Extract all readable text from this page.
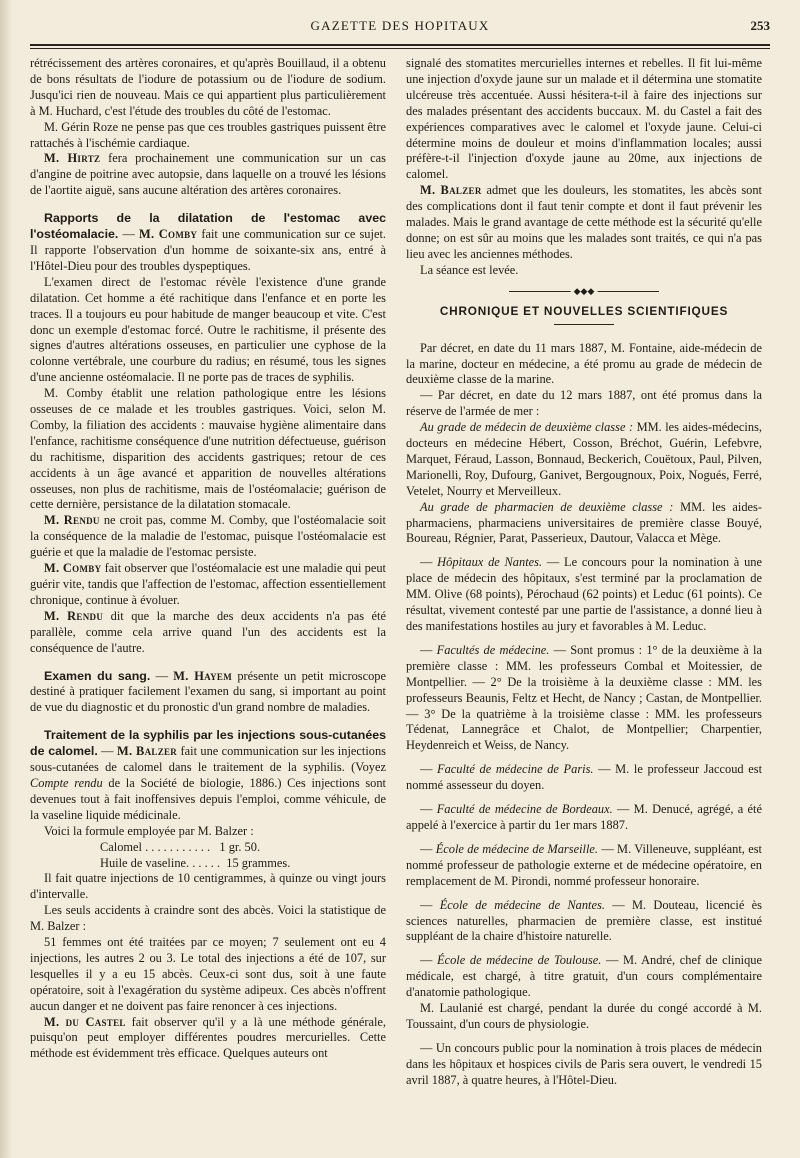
GAZETTE DES HOPITAUX	253

rétrécissement des artères coronaires, et qu'après Bouillaud, il a obtenu de bons résultats de l'iodure de potassium ou de l'iodure de sodium. Jusqu'ici rien de nouveau. Mais ce qui appartient plus particulièrement à M. Huchard, c'est l'étude des troubles du côté de l'estomac.

M. Gérin Roze ne pense pas que ces troubles gastriques puissent être rattachés à l'ischémie cardiaque.

M. Hirtz fera prochainement une communication sur un cas d'angine de poitrine avec autopsie, dans laquelle on a trouvé les lésions de l'aortite aiguë, sans aucune altération des artères coronaires.

Rapports de la dilatation de l'estomac avec l'ostéomalacie. — M. Comby fait une communication sur ce sujet. Il rapporte l'observation d'un homme de soixante-six ans, entré à l'Hôtel-Dieu pour des troubles dyspeptiques.

L'examen direct de l'estomac révèle l'existence d'une grande dilatation. Cet homme a été rachitique dans l'enfance et en porte les traces. Il a toujours eu pour habitude de manger beaucoup et vite. C'est donc un exemple d'estomac forcé. Outre le rachitisme, il présente des signes d'autres altérations osseuses, en particulier une cyphose de la colonne vertébrale, une courbure du radius; en résumé, tous les signes d'une ancienne ostéomalacie. Il ne porte pas de traces de syphilis.

M. Comby établit une relation pathologique entre les lésions osseuses de ce malade et les troubles gastriques. Voici, selon M. Comby, la filiation des accidents : mauvaise hygiène alimentaire dans l'enfance, rachitisme conséquence d'une nutrition défectueuse, guérison du rachitisme, disparition des accidents gastriques; retour de ces accidents à un âge avancé et apparition de nouvelles altérations osseuses, non plus de rachitisme, mais de l'ostéomalacie; guérison de cette dernière, persistance de la dilatation stomacale.

M. Rendu ne croit pas, comme M. Comby, que l'ostéomalacie soit la conséquence de la maladie de l'estomac, puisque l'ostéomalacie est guérie et que la maladie de l'estomac persiste.

M. Comby fait observer que l'ostéomalacie est une maladie qui peut guérir vite, tandis que l'affection de l'estomac, affection essentiellement chronique, continue à évoluer.

M. Rendu dit que la marche des deux accidents n'a pas été parallèle, comme cela arrive quand l'un des accidents est la conséquence de l'autre.

Examen du sang. — M. Hayem présente un petit microscope destiné à pratiquer facilement l'examen du sang, si important au point de vue du diagnostic et du pronostic d'un grand nombre de maladies.

Traitement de la syphilis par les injections sous-cutanées de calomel. — M. Balzer fait une communication sur les injections sous-cutanées de calomel dans le traitement de la syphilis. (Voyez Compte rendu de la Société de biologie, 1886.) Ces injections sont devenues tout à fait inoffensives depuis l'emploi, comme véhicule, de la vaseline liquide médicinale.

Voici la formule employée par M. Balzer :

Calomel . . . . . . . . . . .   1 gr. 50.
Huile de vaseline. . . . . .  15 grammes.

Il fait quatre injections de 10 centigrammes, à quinze ou vingt jours d'intervalle.

Les seuls accidents à craindre sont des abcès. Voici la statistique de M. Balzer :

51 femmes ont été traitées par ce moyen; 7 seulement ont eu 4 injections, les autres 2 ou 3. Le total des injections a été de 107, sur lesquelles il y a eu 15 abcès. Ceux-ci sont dus, soit à une faute opératoire, soit à l'exagération du système adipeux. Ces abcès n'offrent aucun danger et ne doivent pas faire renoncer à ces injections.

M. du Castel fait observer qu'il y a là une méthode générale, puisqu'on peut employer différentes poudres mercurielles. Cette méthode est évidemment très efficace. Quelques auteurs ont

signalé des stomatites mercurielles internes et rebelles. Il fit lui-même une injection d'oxyde jaune sur un malade et il détermina une stomatite ulcéreuse très accentuée. Aussi hésitera-t-il à faire des injections sur des malades présentant des accidents buccaux. M. du Castel a fait des expériences comparatives avec le calomel et l'oxyde jaune. Celui-ci détermine moins de douleur et moins d'inflammation locales; aussi préfère-t-il l'injection d'oxyde jaune au 20me, aux injections de calomel.

M. Balzer admet que les douleurs, les stomatites, les abcès sont des complications dont il faut tenir compte et dont il faut prévenir les malades. Mais le grand avantage de cette méthode est la sécurité qu'elle donne; on est sûr au moins que les malades sont traités, ce qui n'a pas lieu avec les anciennes méthodes.

La séance est levée.

◆◆◆
CHRONIQUE ET NOUVELLES SCIENTIFIQUES

Par décret, en date du 11 mars 1887, M. Fontaine, aide-médecin de la marine, docteur en médecine, a été promu au grade de médecin de deuxième classe de la marine.

— Par décret, en date du 12 mars 1887, ont été promus dans la réserve de l'armée de mer :

Au grade de médecin de deuxième classe : MM. les aides-médecins, docteurs en médecine Hébert, Cosson, Bréchot, Guérin, Lefebvre, Marquet, Féraud, Lasson, Bonnaud, Beckerich, Couëtoux, Paul, Pilven, Marionelli, Roy, Dufourg, Ganivet, Bergougnoux, Poix, Nogués, Ferré, Vetelet, Nourry et Merveilleux.

Au grade de pharmacien de deuxième classe : MM. les aides-pharmaciens, pharmaciens universitaires de première classe Bouyé, Boureau, Régnier, Parat, Passerieux, Dautour, Valacca et Mège.

— Hôpitaux de Nantes. — Le concours pour la nomination à une place de médecin des hôpitaux, s'est terminé par la proclamation de MM. Olive (68 points), Pérochaud (62 points) et Leduc (61 points). Ce résultat, vivement contesté par une partie de l'assistance, a donné lieu à des manifestations hostiles au jury et favorables à M. Leduc.

— Facultés de médecine. — Sont promus : 1° de la deuxième à la première classe : MM. les professeurs Combal et Moitessier, de Montpellier. — 2° De la troisième à la deuxième classe : MM. les professeurs Beaunis, Feltz et Hecht, de Nancy ; Castan, de Montpellier. — 3° De la quatrième à la troisième classe : MM. les professeurs Tédenat, Lannegrâce et Chalot, de Montpellier; Charpentier, Heydenreich et Weiss, de Nancy.

— Faculté de médecine de Paris. — M. le professeur Jaccoud est nommé assesseur du doyen.

— Faculté de médecine de Bordeaux. — M. Denucé, agrégé, a été appelé à l'exercice à partir du 1er mars 1887.

— École de médecine de Marseille. — M. Villeneuve, suppléant, est nommé professeur de pathologie externe et de médecine opératoire, en remplacement de M. Pirondi, nommé professeur honoraire.

— École de médecine de Nantes. — M. Douteau, licencié ès sciences naturelles, pharmacien de première classe, est institué suppléant de la chaire d'histoire naturelle.

— École de médecine de Toulouse. — M. André, chef de clinique médicale, est chargé, à titre gratuit, d'un cours complémentaire d'anatomie pathologique.

M. Laulanié est chargé, pendant la durée du congé accordé à M. Toussaint, d'un cours de physiologie.

— Un concours public pour la nomination à trois places de médecin dans les hôpitaux et hospices civils de Paris sera ouvert, le vendredi 15 avril 1887, à quatre heures, à l'Hôtel-Dieu.
